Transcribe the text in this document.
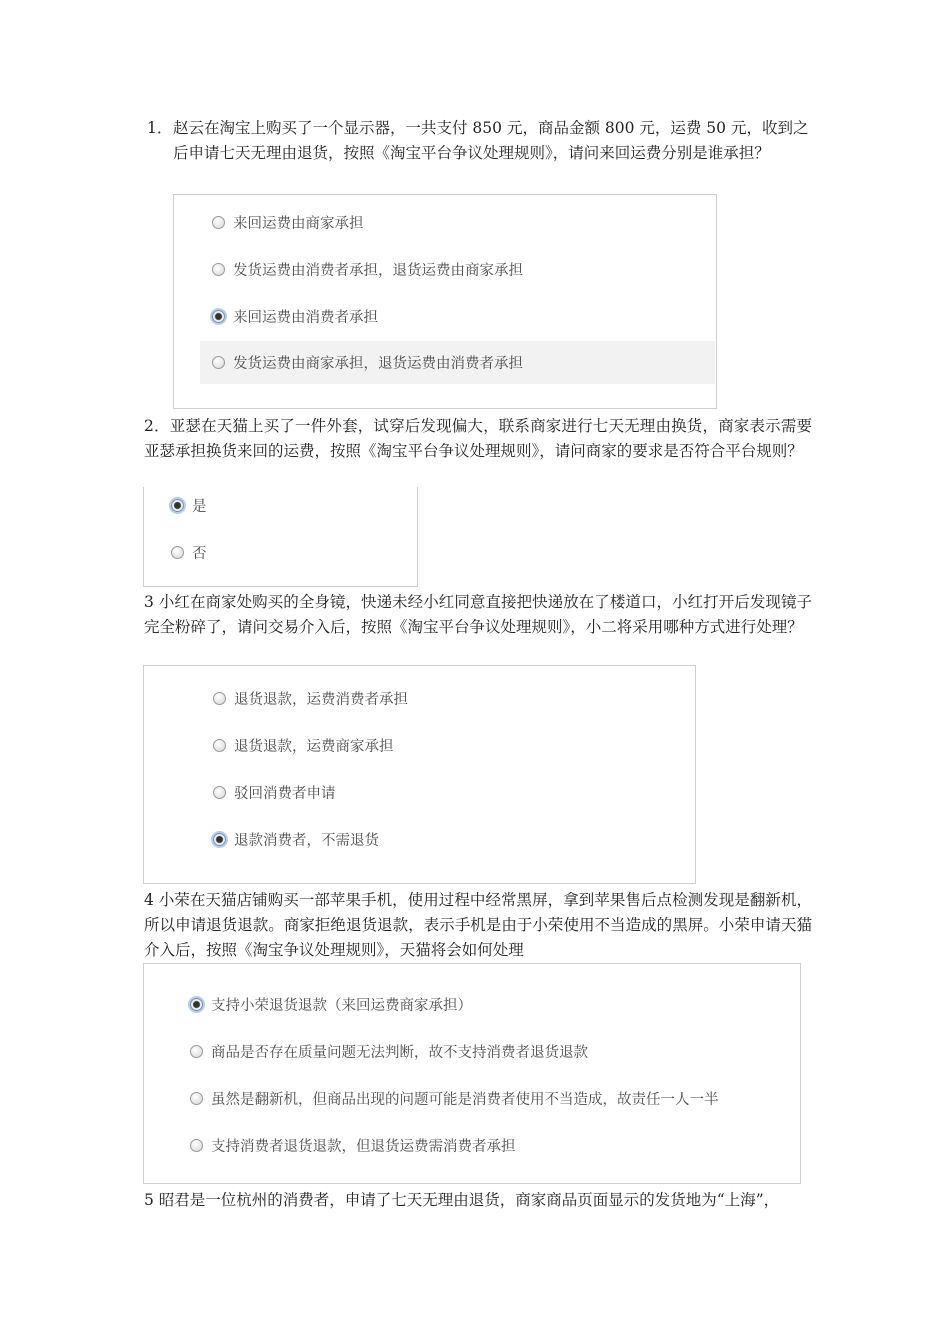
1． 赵云在淘宝上购买了一个显示器，一共支付 850 元，商品金额 800 元，运费 50 元，收到之后申请七天无理由退货，按照《淘宝平台争议处理规则》，请问来回运费分别是谁承担？
来回运费由商家承担
发货运费由消费者承担，退货运费由商家承担
来回运费由消费者承担
发货运费由商家承担，退货运费由消费者承担

2．亚瑟在天猫上买了一件外套，试穿后发现偏大，联系商家进行七天无理由换货，商家表示需要亚瑟承担换货来回的运费，按照《淘宝平台争议处理规则》，请问商家的要求是否符合平台规则？

是
否

3 小红在商家处购买的全身镜，快递未经小红同意直接把快递放在了楼道口，小红打开后发现镜子完全粉碎了，请问交易介入后，按照《淘宝平台争议处理规则》，小二将采用哪种方式进行处理？

退货退款，运费消费者承担
退货退款，运费商家承担
驳回消费者申请
退款消费者，不需退货

4 小荣在天猫店铺购买一部苹果手机，使用过程中经常黑屏，拿到苹果售后点检测发现是翻新机，所以申请退货退款。商家拒绝退货退款，表示手机是由于小荣使用不当造成的黑屏。小荣申请天猫介入后，按照《淘宝争议处理规则》，天猫将会如何处理

支持小荣退货退款（来回运费商家承担）
商品是否存在质量问题无法判断，故不支持消费者退货退款
虽然是翻新机，但商品出现的问题可能是消费者使用不当造成，故责任一人一半
支持消费者退货退款，但退货运费需消费者承担

5 昭君是一位杭州的消费者，申请了七天无理由退货，商家商品页面显示的发货地为“上海”，
